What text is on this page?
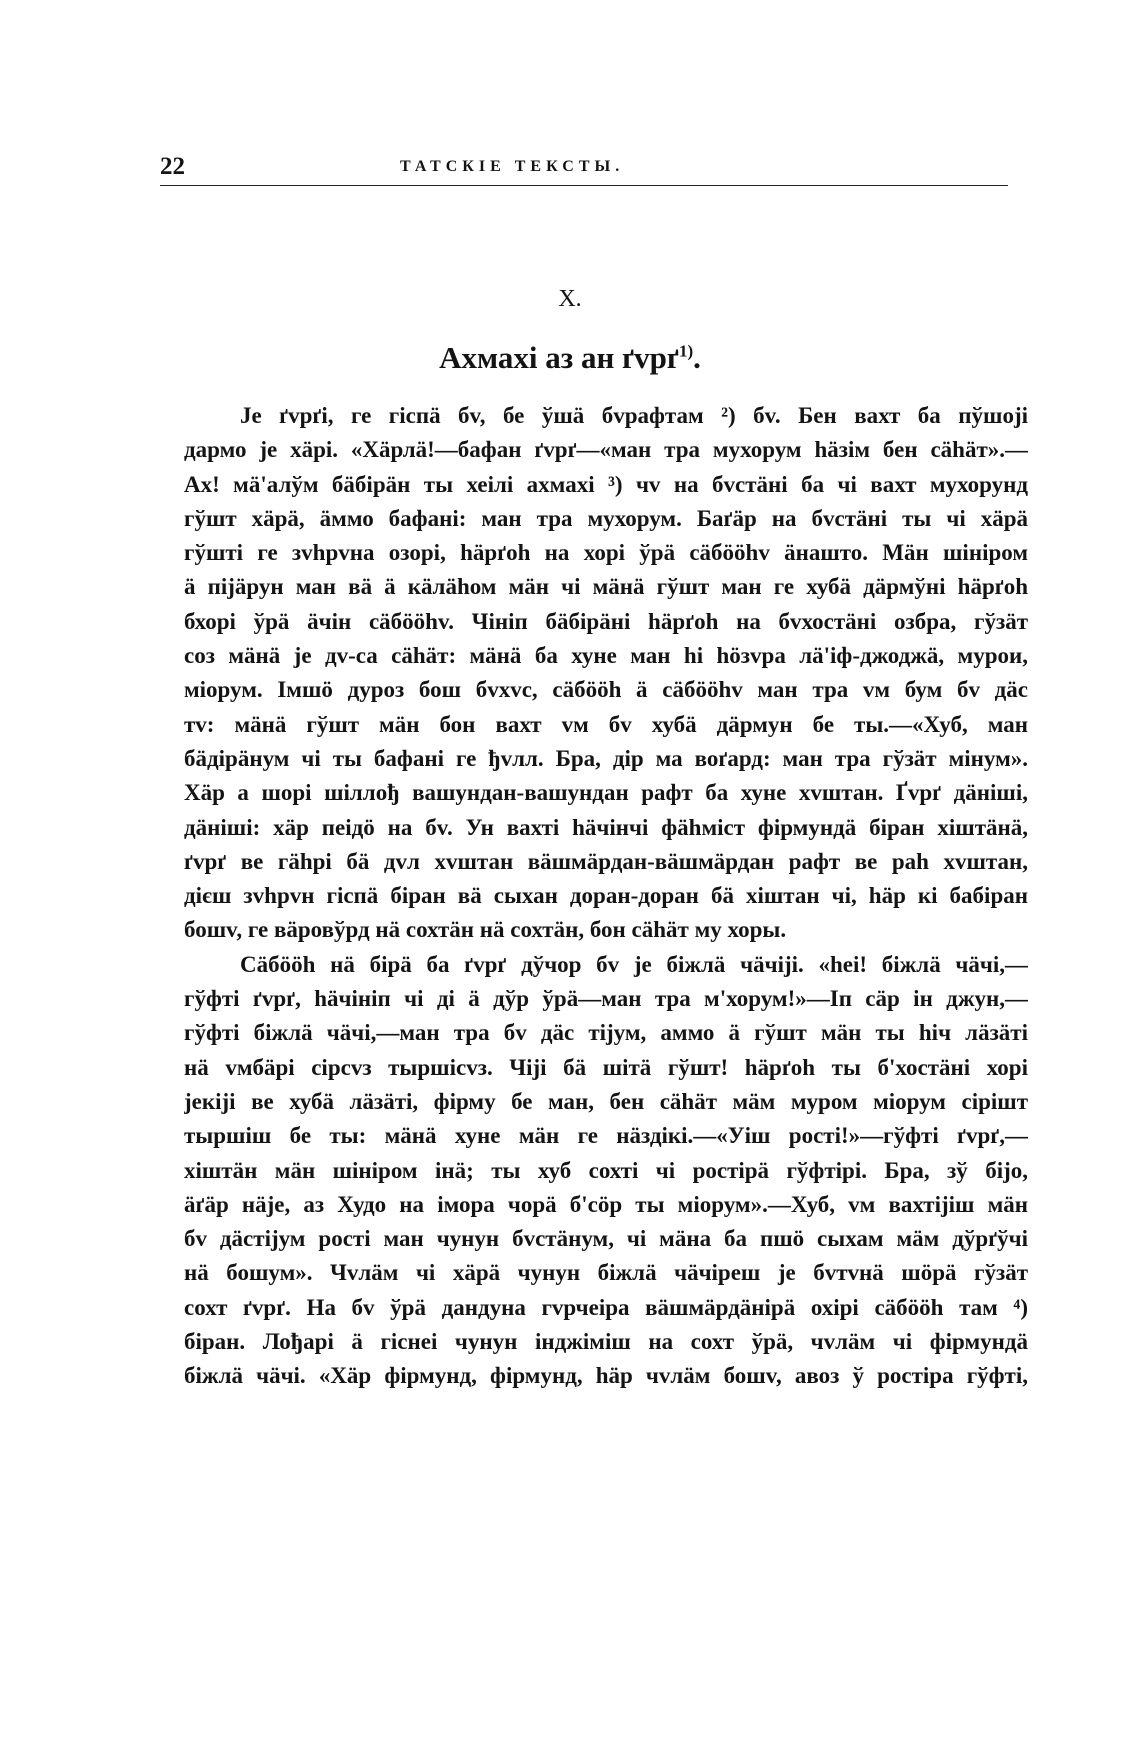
22	ТАТСКІЕ ТЕКСТЫ.
X.
Ахмахі аз ан ґvрґ$^{1)}$.
Је ґvрґі, ге гіспä бv, бе ўшä бvрафтам ²) бv. Бен вахт ба пўшојі
дармо је хäрі. «Хäрлä!—бафан ґvрґ—«ман тра мухорум häзім бен сähäт».—
Ах! мä'алўм бäбірäн ты хеілі ахмахі ³) чv на бvстäні ба чі вахт мухорунд
гўшт хäрä, äммо бафані: ман тра мухорум. Баґäр на бvстäні ты чі хäрä
гўшті ге зvhрvна озорі, häрґоh на хорі ўрä сäбööhv äнашто. Мäн шініром
ä піјäрун ман вä ä кäлähом мäн чі мäнä гўшт ман ге хубä дäрмўні häрґоh
бхорі ўрä äчін сäбööhv. Чініп бäбірäні häрґоh на бvхостäні озбра, гўзäт
соз мäнä је дv-са сähäт: мäнä ба хуне ман hi höзvра лä'іф-джоджä, мурои,
міорум. Імшö дуроз бош бvхvс, сäбööh ä сäбööhv ман тра vм бум бv дäс
тv: мäнä гўшт мäн бон вахт vм бv хубä дäрмун бе ты.—«Хуб, ман
бäдірäнум чі ты бафані ге ђvлл. Бра, дір ма воґард: ман тра гўзäт мінум».
Хäр а шорі шіллођ вашундан-вашундан рафт ба хуне хvштан. Ґvрґ дäніші,
дäніші: хäр пеідö на бv. Ун вахті häчінчі фähміст фірмундä біран хіштäнä,
ґvрґ ве гähрі бä дvл хvштан вäшмäрдан-вäшмäрдан рафт ве раh хvштан,
дієш зvhрvн гіспä біран вä сыхан доран-доран бä хіштан чі, häр кі бабіран
бошv, ге вäровўрд нä сохтäн нä сохтäн, бон сähäт му хоры.
Сäбööh нä бірä ба ґvрґ дўчор бv је біжлä чäчіјі. «hеі! біжлä чäчі,—
гўфті ґvрґ, häчініп чі ді ä дўр ўрä—ман тра м'хорум!»—Іп сäр ін джун,—
гўфті біжлä чäчі,—ман тра бv дäс тіјум, аммо ä гўшт мäн ты hіч лäзäті
нä vмбäрі сірсvз тыршісvз. Чіјі бä шітä гўшт! häрґоh ты б'хостäні хорі
јекіјі ве хубä лäзäті, фірму бе ман, бен сähäт мäм муром міорум сірішт
тыршіш бе ты: мäнä хуне мäн ге нäздікі.—«Уіш рості!»—гўфті ґvрґ,—
хіштäн мäн шініром інä; ты хуб сохті чі ростірä гўфтірі. Бра, зў біјо,
äґäр нäје, аз Худо на імора чорä б'сöр ты міорум».—Хуб, vм вахтіјіш мäн
бv дäстіјум рості ман чунун бvстäнум, чі мäна ба пшö сыхам мäм дўрґўчі
нä бошум». Чvлäм чі хäрä чунун біжлä чäчіреш је бvтvнä шöрä гўзäт
сохт ґvрґ. На бv ўрä дандуна гvрчеіра вäшмäрдäнірä охірі сäбööh там ⁴)
біран. Лођарі ä гіснеі чунун інджіміш на сохт ўрä, чvлäм чі фірмундä
біжлä чäчі. «Хäр фірмунд, фірмунд, häр чvлäм бошv, авоз ў ростіра гўфті,
